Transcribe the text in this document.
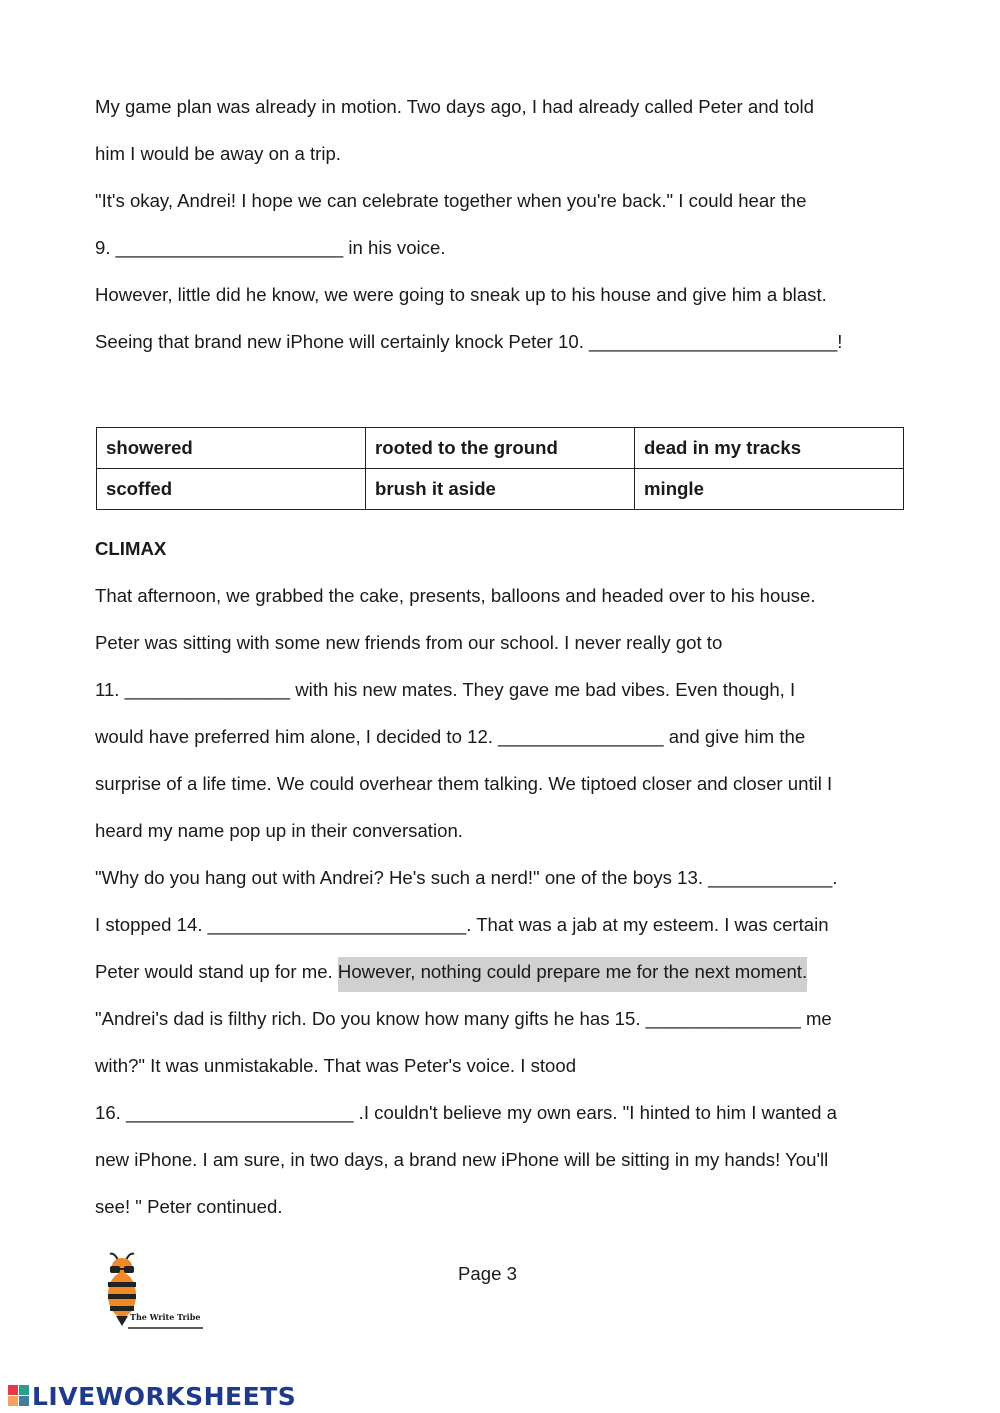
My game plan was already in motion. Two days ago, I had already called Peter and told
him I would be away on a trip.
"It's okay, Andrei! I hope we can celebrate together when you're back." I could hear the
9. ______________________ in his voice.
However, little did he know, we were going to sneak up to his house and give him a blast.
Seeing that brand new iPhone will certainly knock Peter 10. ________________________!
showered	rooted to the ground	dead in my tracks
scoffed	brush it aside	mingle
CLIMAX
That afternoon, we grabbed the cake, presents, balloons and headed over to his house.
Peter was sitting with some new friends from our school. I never really got to
11. ________________ with his new mates. They gave me bad vibes. Even though, I
would have preferred him alone, I decided to 12. ________________ and give him the
surprise of a life time. We could overhear them talking. We tiptoed closer and closer until I
heard my name pop up in their conversation.
"Why do you hang out with Andrei? He's such a nerd!" one of the boys 13. ____________.
I stopped 14. _________________________. That was a jab at my esteem. I was certain
Peter would stand up for me. However, nothing could prepare me for the next moment.
"Andrei's dad is filthy rich. Do you know how many gifts he has 15. _______________ me
with?" It was unmistakable. That was Peter's voice. I stood
16. ______________________ .I couldn't believe my own ears. "I hinted to him I wanted a
new iPhone. I am sure, in two days, a brand new iPhone will be sitting in my hands! You'll
see! " Peter continued.
The Write Tribe
Page 3
LIVEWORKSHEETS
